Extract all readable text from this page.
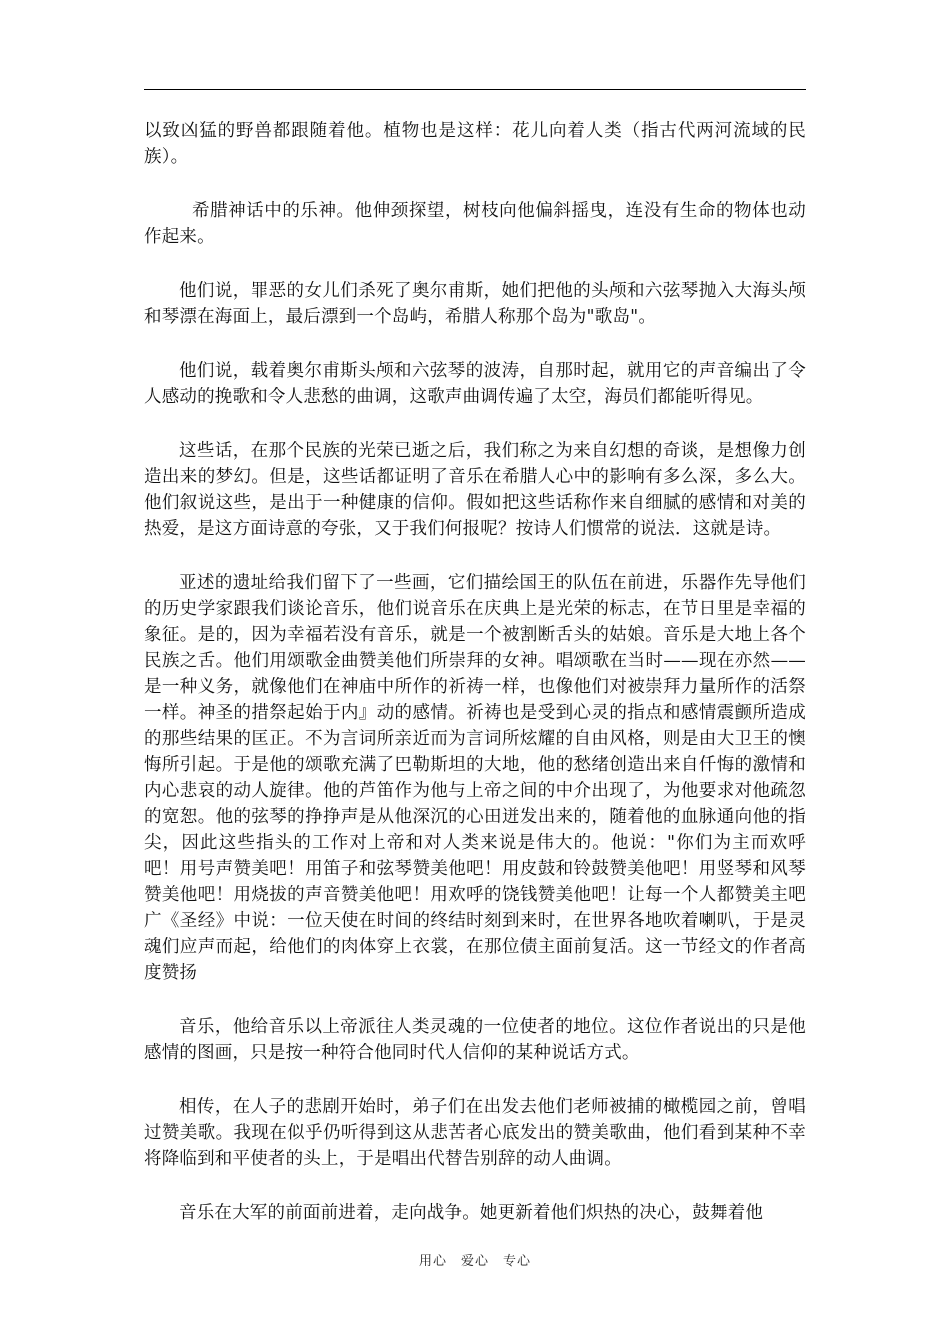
以致凶猛的野兽都跟随着他。植物也是这样：花儿向着人类（指古代两河流域的民族）。

希腊神话中的乐神。他伸颈探望，树枝向他偏斜摇曳，连没有生命的物体也动作起来。

他们说，罪恶的女儿们杀死了奥尔甫斯，她们把他的头颅和六弦琴抛入大海头颅和琴漂在海面上，最后漂到一个岛屿，希腊人称那个岛为"歌岛"。

他们说，载着奥尔甫斯头颅和六弦琴的波涛，自那时起，就用它的声音编出了令人感动的挽歌和令人悲愁的曲调，这歌声曲调传遍了太空，海员们都能听得见。

这些话，在那个民族的光荣已逝之后，我们称之为来自幻想的奇谈，是想像力创造出来的梦幻。但是，这些话都证明了音乐在希腊人心中的影响有多么深，多么大。他们叙说这些，是出于一种健康的信仰。假如把这些话称作来自细腻的感情和对美的热爱，是这方面诗意的夸张，又于我们何报呢？按诗人们惯常的说法．这就是诗。

亚述的遗址给我们留下了一些画，它们描绘国王的队伍在前进，乐器作先导他们的历史学家跟我们谈论音乐，他们说音乐在庆典上是光荣的标志，在节日里是幸福的象征。是的，因为幸福若没有音乐，就是一个被割断舌头的姑娘。音乐是大地上各个民族之舌。他们用颂歌金曲赞美他们所崇拜的女神。唱颂歌在当时——现在亦然——是一种义务，就像他们在神庙中所作的祈祷一样，也像他们对被崇拜力量所作的活祭一样。神圣的措祭起始于内』动的感情。祈祷也是受到心灵的指点和感情震颤所造成的那些结果的匡正。不为言词所亲近而为言词所炫耀的自由风格，则是由大卫王的懊悔所引起。于是他的颂歌充满了巴勒斯坦的大地，他的愁绪创造出来自仟悔的激情和内心悲哀的动人旋律。他的芦笛作为他与上帝之间的中介出现了，为他要求对他疏忽的宽恕。他的弦琴的挣挣声是从他深沉的心田迸发出来的，随着他的血脉通向他的指尖，因此这些指头的工作对上帝和对人类来说是伟大的。他说："你们为主而欢呼吧！用号声赞美吧！用笛子和弦琴赞美他吧！用皮鼓和铃鼓赞美他吧！用竖琴和风琴赞美他吧！用烧拔的声音赞美他吧！用欢呼的饶钱赞美他吧！让每一个人都赞美主吧广《圣经》中说：一位天使在时间的终结时刻到来时，在世界各地吹着喇叭，于是灵魂们应声而起，给他们的肉体穿上衣裳，在那位债主面前复活。这一节经文的作者高度赞扬

音乐，他给音乐以上帝派往人类灵魂的一位使者的地位。这位作者说出的只是他感情的图画，只是按一种符合他同时代人信仰的某种说话方式。

相传，在人子的悲剧开始时，弟子们在出发去他们老师被捕的橄榄园之前，曾唱过赞美歌。我现在似乎仍听得到这从悲苦者心底发出的赞美歌曲，他们看到某种不幸将降临到和平使者的头上，于是唱出代替告别辞的动人曲调。

音乐在大军的前面前进着，走向战争。她更新着他们炽热的决心，鼓舞着他

用心　爱心　专心
